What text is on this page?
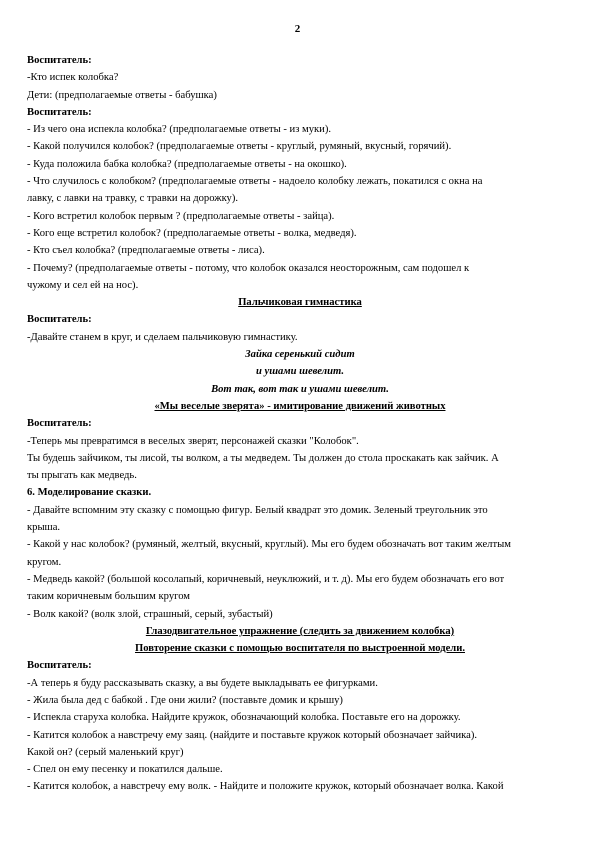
2

Воспитатель:

-Кто испек колобка?

Дети: (предполагаемые ответы - бабушка)

Воспитатель:

- Из чего она испекла колобка? (предполагаемые ответы - из муки).

- Какой получился колобок? (предполагаемые ответы - круглый, румяный, вкусный, горячий).

- Куда положила бабка колобка? (предполагаемые ответы - на окошко).

- Что случилось с колобком? (предполагаемые ответы - надоело колобку лежать, покатился с окна на

лавку, с лавки на травку, с травки на дорожку).

- Кого встретил колобок первым ? (предполагаемые ответы - зайца).

- Кого еще встретил колобок? (предполагаемые ответы - волка, медведя).

- Кто съел колобка? (предполагаемые ответы - лиса).

- Почему? (предполагаемые ответы - потому, что колобок оказался неосторожным, сам подошел к

чужому и сел ей на нос).

Пальчиковая гимнастика

Воспитатель:

-Давайте станем в круг, и сделаем пальчиковую гимнастику.

Зайка серенький сидит

и ушами шевелит.

Вот так, вот так и ушами шевелит.

«Мы веселые зверята» - имитирование движений животных

Воспитатель:

-Теперь мы превратимся в веселых зверят, персонажей сказки "Колобок".

Ты будешь зайчиком, ты лисой, ты волком, а ты медведем. Ты должен до стола проскакать как зайчик. А

ты прыгать как медведь.

6. Моделирование сказки.

- Давайте вспомним эту сказку с помощью фигур. Белый квадрат это домик. Зеленый треугольник это

крыша.

- Какой у нас колобок? (румяный, желтый, вкусный, круглый). Мы его будем обозначать вот таким желтым

кругом.

- Медведь какой? (большой косолапый, коричневый, неуклюжий, и т. д). Мы его будем обозначать его вот

таким коричневым большим кругом

- Волк какой? (волк злой, страшный, серый, зубастый)

Глазодвигательное упражнение (следить за движением колобка)

Повторение сказки с помощью воспитателя по выстроенной модели.

Воспитатель:

-А теперь я буду рассказывать сказку, а вы будете выкладывать ее фигурками.

- Жила была дед с бабкой . Где они жили? (поставьте домик и крышу)

- Испекла старуха колобка. Найдите кружок, обозначающий колобка. Поставьте его на дорожку.

- Катится колобок а навстречу ему заяц. (найдите и поставьте кружок который обозначает зайчика).

Какой он? (серый маленький круг)

- Спел он ему песенку и покатился дальше.

- Катится колобок, а навстречу ему волк. - Найдите и положите кружок, который обозначает волка. Какой
